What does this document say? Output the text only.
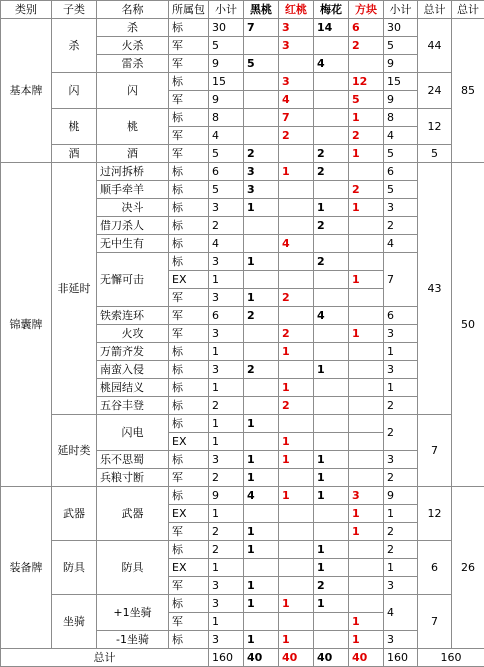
类别	子类	名称	所属包	小计	黑桃	红桃	梅花	方块	小计	总计	总计
基本牌	杀	杀	标	30	7	3	14	6	30	44	85
		火杀	军	5		3		2	5		
		雷杀	军	9	5		4		9		
	闪	闪	标	15		3		12	15	24	
			军	9		4		5	9		
	桃	桃	标	8		7		1	8	12	
			军	4		2		2	4		
	酒	酒	军	5	2		2	1	5	5	
锦囊牌	非延时	过河拆桥	标	6	3	1	2		6	43	50
		顺手牵羊	标	5	3			2	5		
		决斗	标	3	1		1	1	3		
		借刀杀人	标	2			2		2		
		无中生有	标	4		4			4		
		无懈可击	标	3	1		2		7		
			EX	1				1			
			军	3	1	2					
		铁索连环	军	6	2		4		6		
		火攻	军	3		2		1	3		
		万箭齐发	标	1		1			1		
		南蛮入侵	标	3	2		1		3		
		桃园结义	标	1		1			1		
		五谷丰登	标	2		2			2		
	延时类	闪电	标	1	1				2	7	
			EX	1		1					
		乐不思蜀	标	3	1	1	1		3		
		兵粮寸断	军	2	1		1		2		
装备牌	武器	武器	标	9	4	1	1	3	9	12	26
			EX	1				1	1		
			军	2	1			1	2		
	防具	防具	标	2	1		1		2	6	
			EX	1			1		1		
			军	3	1		2		3		
	坐骑	+1坐骑	标	3	1	1	1		4	7	
			军	1				1			
		-1坐骑	标	3	1	1		1	3		
总计				160	40	40	40	40	160	160	
